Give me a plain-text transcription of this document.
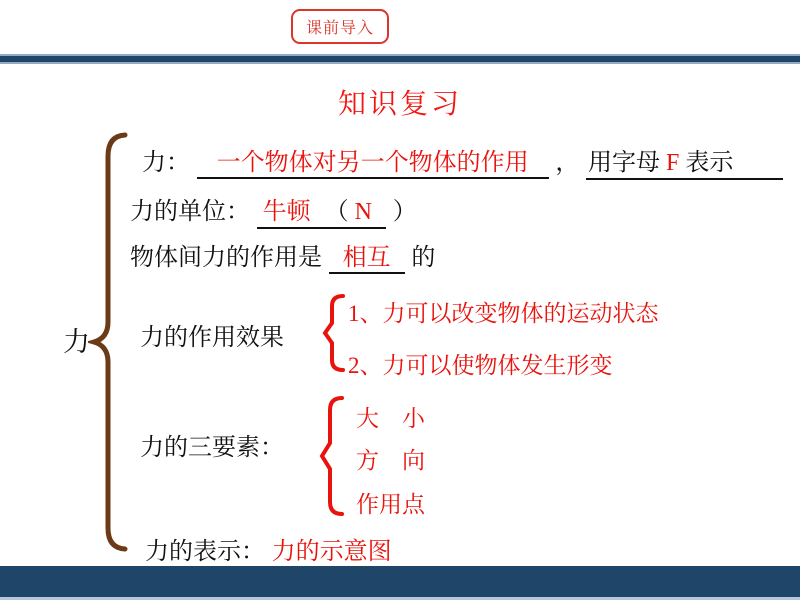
课前导入
知识复习
力
力： 一个物体对另一个物体的作用 ， 用字母 F 表示
力的单位： 牛顿 （ N ）
物体间力的作用是 相互 的
力的作用效果
1、力可以改变物体的运动状态
2、力可以使物体发生形变
力的三要素：
大　小
方　向
作用点
力的表示： 力的示意图
